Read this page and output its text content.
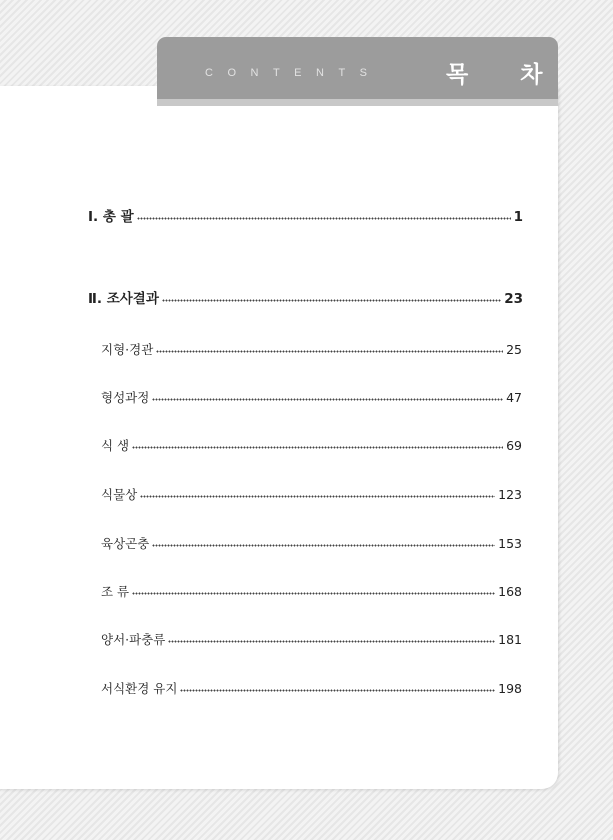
CONTENTS	목 차
Ⅰ. 총 괄	1
Ⅱ. 조사결과	23
지형·경관	25
형성과정	47
식 생	69
식물상	123
육상곤충	153
조 류	168
양서·파충류	181
서식환경 유지	198
